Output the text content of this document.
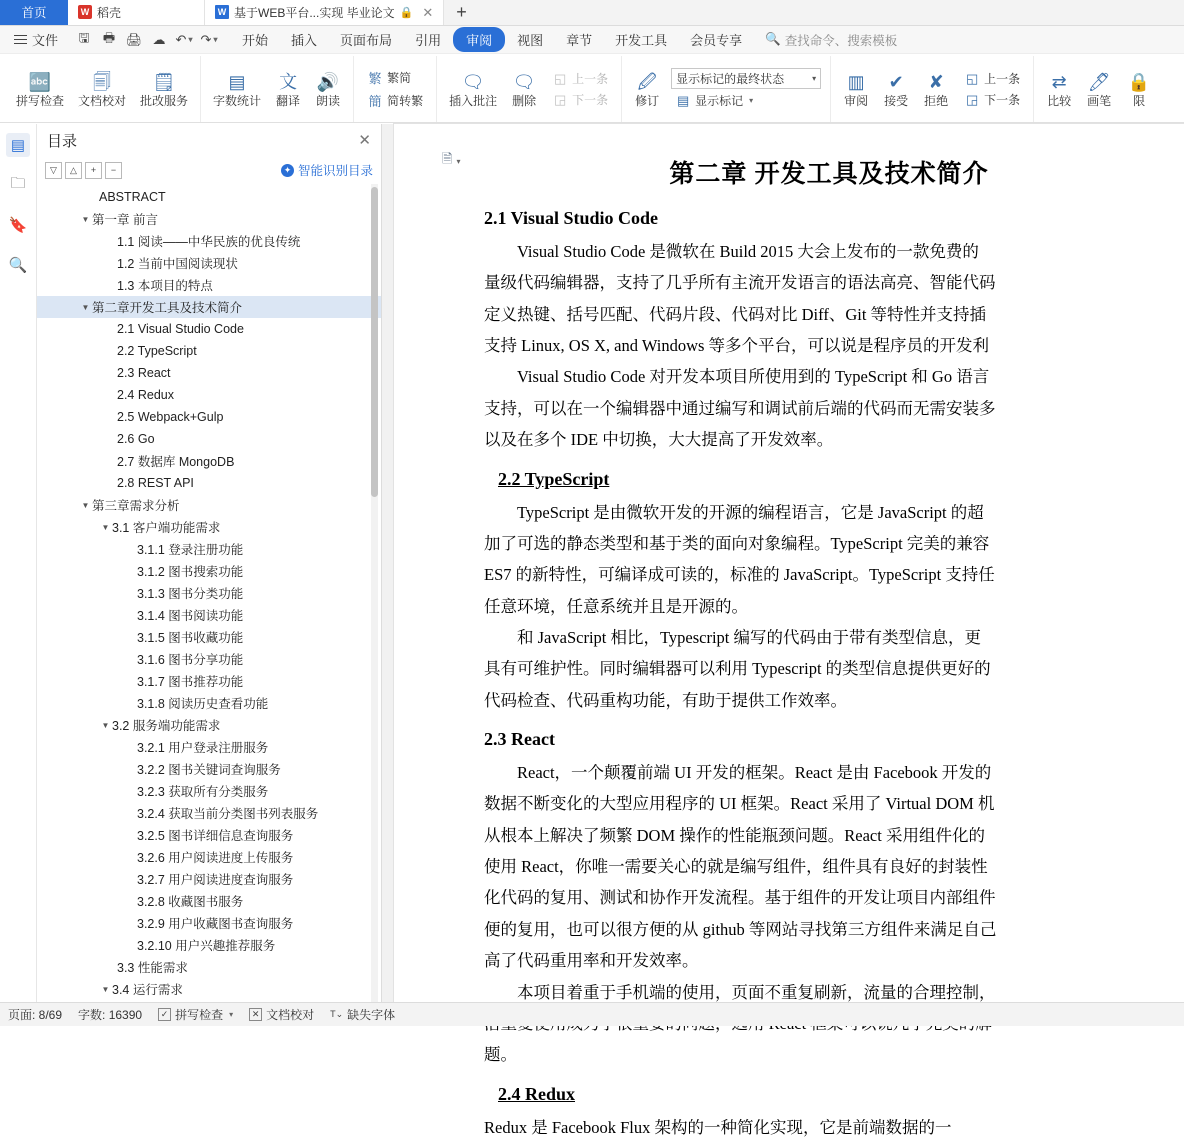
首页	W 稻壳	W 基于WEB平台...实现 毕业论文 🔒 ✕	+
文件	🖫	🖶 🖨 ☁ ↶ ▾ ↷ ▾	开始	插入	页面布局	引用	审阅	视图	章节	开发工具	会员专享	🔍 查找命令、搜索模板
🔤
拼写检查
🗐
文档校对
🗒
批改服务
▤
字数统计
文
翻译
🔊
朗读
繁 繁简
簡 简转繁
🗨
插入批注
🗨
删除
◱ 上一条
◲ 下一条
🖉
修订
显示标记的最终状态	▾
▤ 显示标记 ▾
▥
审阅
✔
接受
✘
拒绝
◱ 上一条
◲ 下一条
⇄
比较
🖊
画笔
🔒
限
▤
🗀
🔖
🔍
目录	✕
▽	△	+	−	✦ 智能识别目录
ABSTRACT
▼ 第一章 前言
1.1 阅读——中华民族的优良传统
1.2 当前中国阅读现状
1.3 本项目的特点
▼ 第二章开发工具及技术简介
2.1 Visual Studio Code
2.2 TypeScript
2.3 React
2.4 Redux
2.5 Webpack+Gulp
2.6 Go
2.7 数据库 MongoDB
2.8 REST API
▼ 第三章需求分析
▼ 3.1 客户端功能需求
3.1.1 登录注册功能
3.1.2 图书搜索功能
3.1.3 图书分类功能
3.1.4 图书阅读功能
3.1.5 图书收藏功能
3.1.6 图书分享功能
3.1.7 图书推荐功能
3.1.8 阅读历史查看功能
▼ 3.2 服务端功能需求
3.2.1 用户登录注册服务
3.2.2 图书关键词查询服务
3.2.3 获取所有分类服务
3.2.4 获取当前分类图书列表服务
3.2.5 图书详细信息查询服务
3.2.6 用户阅读进度上传服务
3.2.7 用户阅读进度查询服务
3.2.8 收藏图书服务
3.2.9 用户收藏图书查询服务
3.2.10 用户兴趣推荐服务
3.3 性能需求
▼ 3.4 运行需求
🗎 ▾	第二章 开发工具及技术简介
2.1 Visual Studio Code

Visual Studio Code 是微软在 Build 2015 大会上发布的一款免费的

量级代码编辑器，支持了几乎所有主流开发语言的语法高亮、智能代码

定义热键、括号匹配、代码片段、代码对比 Diff、Git 等特性并支持插

支持 Linux, OS X, and Windows 等多个平台，可以说是程序员的开发利

Visual Studio Code 对开发本项目所使用到的 TypeScript 和 Go 语言

支持，可以在一个编辑器中通过编写和调试前后端的代码而无需安装多

以及在多个 IDE 中切换，大大提高了开发效率。

2.2 TypeScript

TypeScript 是由微软开发的开源的编程语言，它是 JavaScript 的超

加了可选的静态类型和基于类的面向对象编程。TypeScript 完美的兼容

ES7 的新特性，可编译成可读的，标准的 JavaScript。TypeScript 支持任

任意环境，任意系统并且是开源的。

和 JavaScript 相比，Typescript 编写的代码由于带有类型信息，更

具有可维护性。同时编辑器可以利用 Typescript 的类型信息提供更好的

代码检查、代码重构功能，有助于提供工作效率。

2.3 React

React，一个颠覆前端 UI 开发的框架。React 是由 Facebook 开发的

数据不断变化的大型应用程序的 UI 框架。React 采用了 Virtual DOM 机

从根本上解决了频繁 DOM 操作的性能瓶颈问题。React 采用组件化的

使用 React，你唯一需要关心的就是编写组件，组件具有良好的封装性

化代码的复用、测试和协作开发流程。基于组件的开发让项目内部组件

便的复用，也可以很方便的从 github 等网站寻找第三方组件来满足自己

高了代码重用率和开发效率。

本项目着重于手机端的使用，页面不重复刷新，流量的合理控制，

题。

2.4 Redux

Redux 是 Facebook Flux 架构的一种简化实现，它是前端数据的一

页面: 8/69 字数: 16390	✓ 拼写检查 ▾	✕ 文档校对 T⌄ 缺失字体
